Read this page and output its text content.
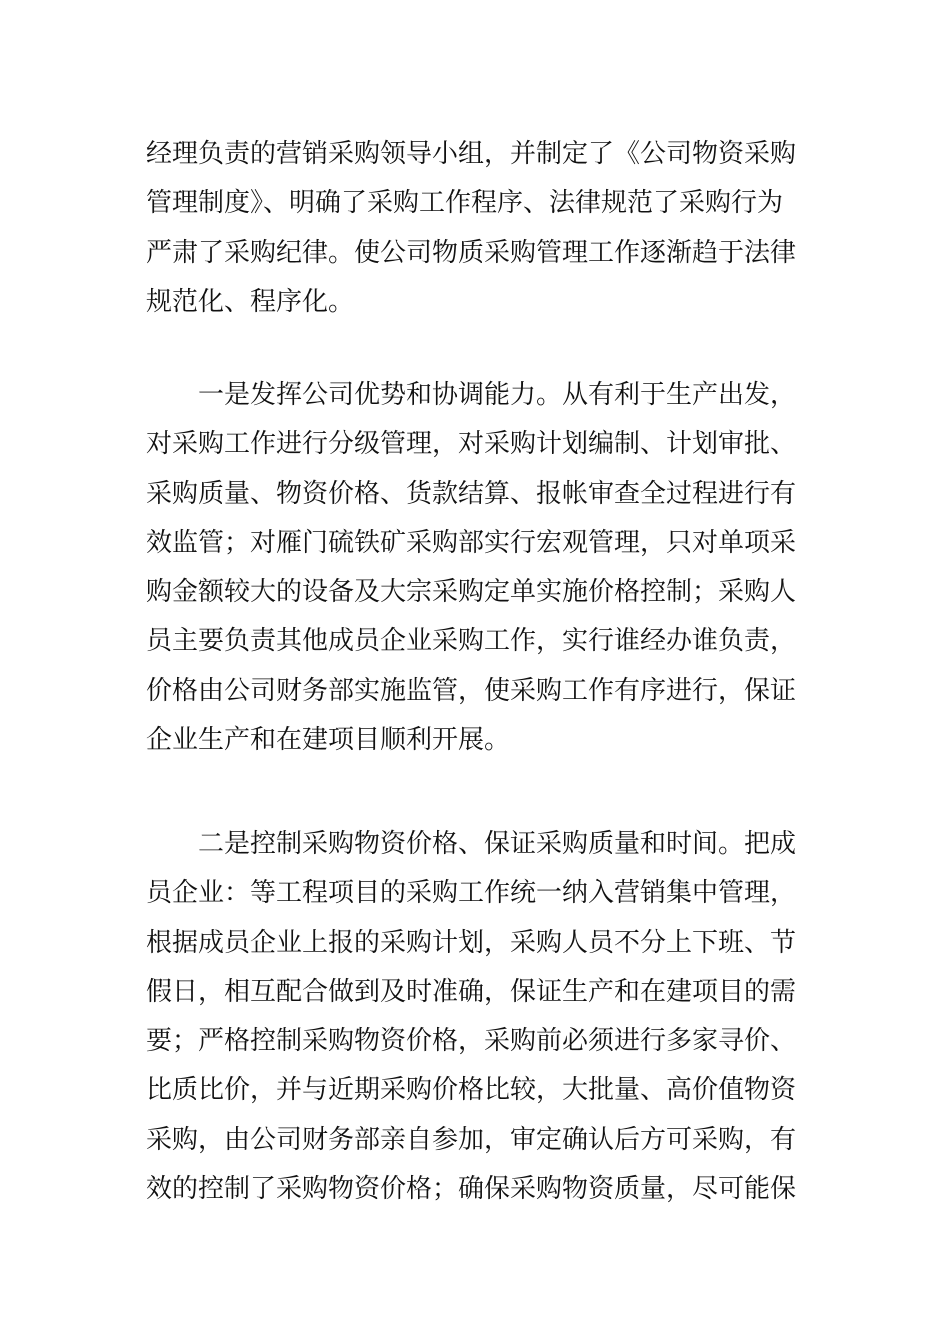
经理负责的营销采购领导小组，并制定了《公司物资采购
管理制度》、明确了采购工作程序、法律规范了采购行为
严肃了采购纪律。使公司物质采购管理工作逐渐趋于法律
规范化、程序化。
一是发挥公司优势和协调能力。从有利于生产出发，
对采购工作进行分级管理，对采购计划编制、计划审批、
采购质量、物资价格、货款结算、报帐审查全过程进行有
效监管；对雁门硫铁矿采购部实行宏观管理，只对单项采
购金额较大的设备及大宗采购定单实施价格控制；采购人
员主要负责其他成员企业采购工作，实行谁经办谁负责，
价格由公司财务部实施监管，使采购工作有序进行，保证
企业生产和在建项目顺利开展。
二是控制采购物资价格、保证采购质量和时间。把成
员企业：等工程项目的采购工作统一纳入营销集中管理，
根据成员企业上报的采购计划，采购人员不分上下班、节
假日，相互配合做到及时准确，保证生产和在建项目的需
要；严格控制采购物资价格，采购前必须进行多家寻价、
比质比价，并与近期采购价格比较，大批量、高价值物资
采购，由公司财务部亲自参加，审定确认后方可采购，有
效的控制了采购物资价格；确保采购物资质量，尽可能保
